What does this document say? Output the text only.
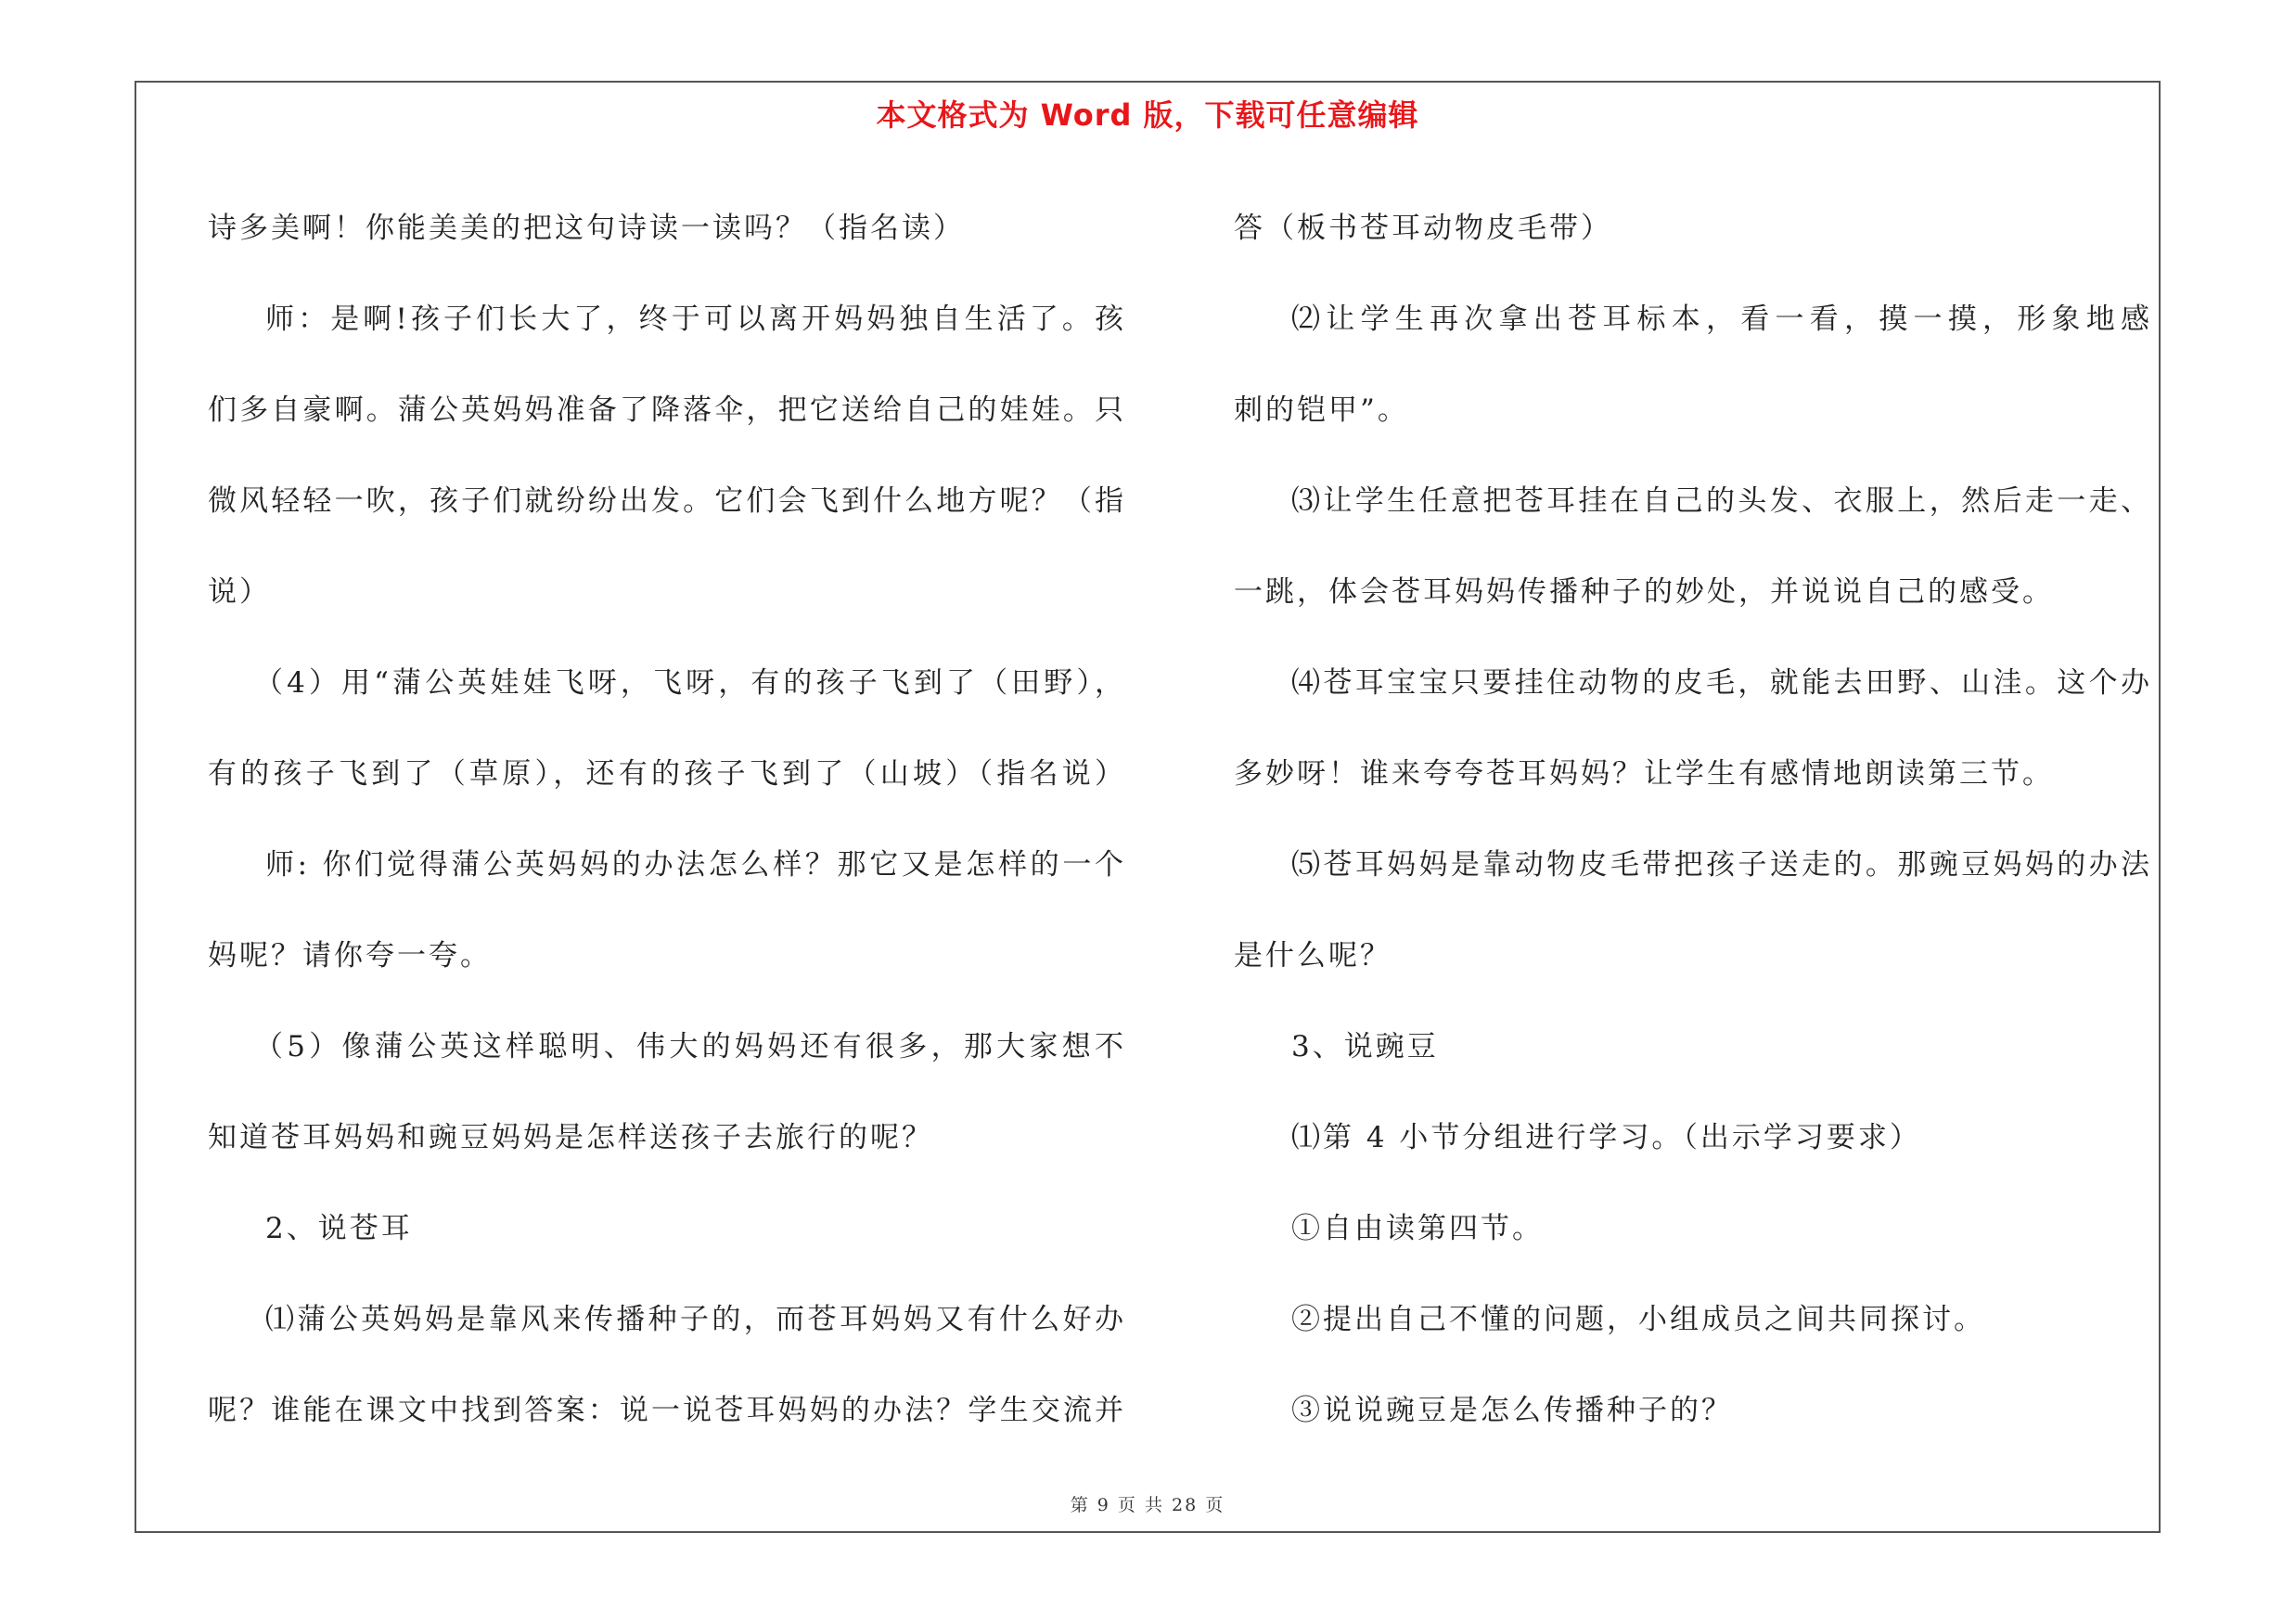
本文格式为 Word 版，下载可任意编辑
诗多美啊！你能美美的把这句诗读一读吗？（指名读）
师：是啊!孩子们长大了，终于可以离开妈妈独自生活了。孩
们多自豪啊。蒲公英妈妈准备了降落伞，把它送给自己的娃娃。只
微风轻轻一吹，孩子们就纷纷出发。它们会飞到什么地方呢？（指
说）
（4）用“蒲公英娃娃飞呀，飞呀，有的孩子飞到了（田野），
有的孩子飞到了（草原），还有的孩子飞到了（山坡）（指名说）
师: 你们觉得蒲公英妈妈的办法怎么样？那它又是怎样的一个
妈呢？请你夸一夸。
（5）像蒲公英这样聪明、伟大的妈妈还有很多，那大家想不
知道苍耳妈妈和豌豆妈妈是怎样送孩子去旅行的呢？
2、说苍耳
⑴蒲公英妈妈是靠风来传播种子的，而苍耳妈妈又有什么好办
呢？谁能在课文中找到答案：说一说苍耳妈妈的办法？学生交流并
答（板书苍耳动物皮毛带）
⑵让学生再次拿出苍耳标本，看一看，摸一摸，形象地感
刺的铠甲”。
⑶让学生任意把苍耳挂在自己的头发、衣服上，然后走一走、
一跳，体会苍耳妈妈传播种子的妙处，并说说自己的感受。
⑷苍耳宝宝只要挂住动物的皮毛，就能去田野、山洼。这个办
多妙呀！谁来夸夸苍耳妈妈？让学生有感情地朗读第三节。
⑸苍耳妈妈是靠动物皮毛带把孩子送走的。那豌豆妈妈的办法
是什么呢？
3、说豌豆
⑴第 4 小节分组进行学习。（出示学习要求）
①自由读第四节。
②提出自己不懂的问题，小组成员之间共同探讨。
③说说豌豆是怎么传播种子的？
第 9 页 共 28 页
